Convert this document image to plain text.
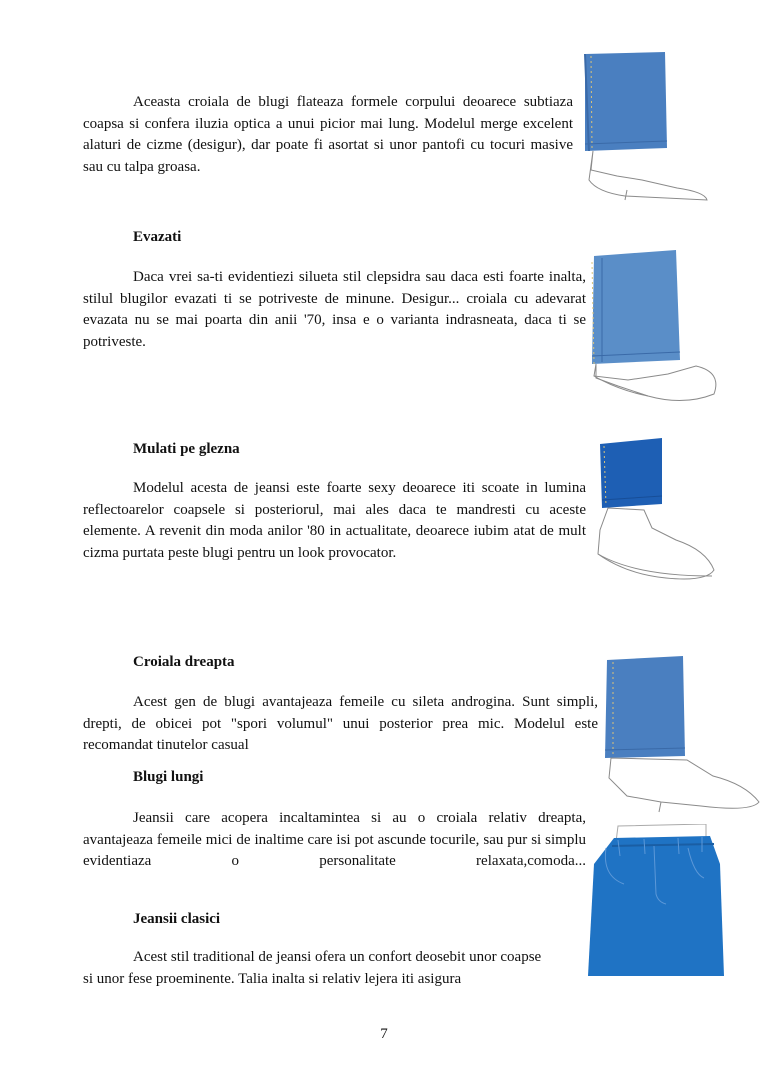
Aceasta croiala de blugi flateaza formele corpului deoarece subtiaza coapsa si confera iluzia optica a unui picior mai lung. Modelul merge excelent alaturi de cizme (desigur), dar poate fi asortat si unor pantofi cu tocuri masive sau cu talpa groasa.

Evazati

Daca vrei sa-ti evidentiezi silueta stil clepsidra sau daca esti foarte inalta, stilul blugilor evazati ti se potriveste de minune. Desigur... croiala cu adevarat evazata nu se mai poarta din anii '70, insa e o varianta indrasneata, daca ti se potriveste.

Mulati pe glezna

Modelul acesta de jeansi este foarte sexy deoarece iti scoate in lumina reflectoarelor coapsele si posteriorul, mai ales daca te mandresti cu aceste elemente. A revenit din moda anilor '80 in actualitate, deoarece iubim atat de mult cizma purtata peste blugi pentru un look provocator.

Croiala dreapta

Acest gen de blugi avantajeaza femeile cu sileta androgina. Sunt simpli, drepti, de obicei pot "spori volumul" unui posterior prea mic. Modelul este recomandat tinutelor casual

Blugi lungi

Jeansii care acopera incaltamintea si au o croiala relativ dreapta, avantajeaza femeile mici de inaltime care isi pot ascunde tocurile, sau pur si simplu evidentiaza o personalitate relaxata,comoda...

Jeansii clasici

Acest stil traditional de jeansi ofera un confort deosebit unor coapse si unor fese proeminente. Talia inalta si relativ lejera iti asigura

7
